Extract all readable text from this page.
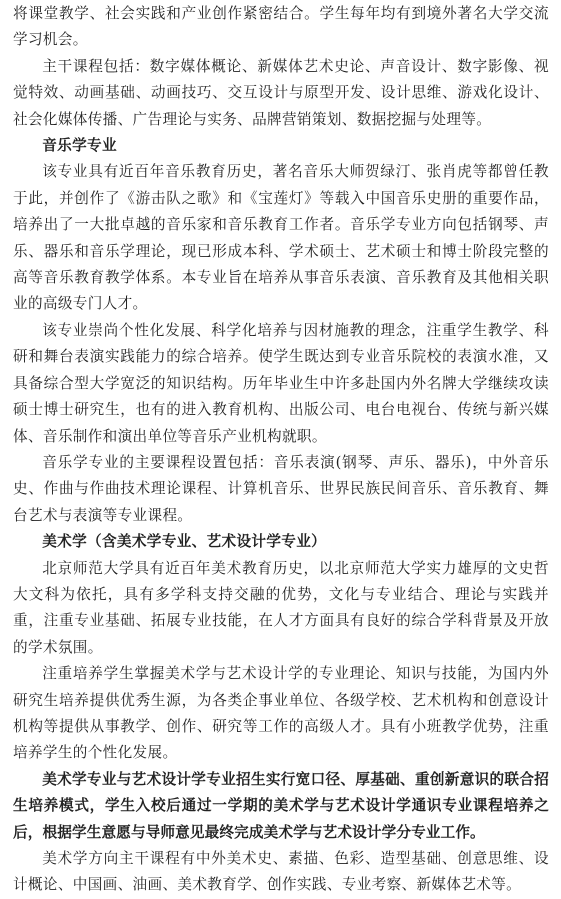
将课堂教学、社会实践和产业创作紧密结合。学生每年均有到境外著名大学交流学习机会。

主干课程包括：数字媒体概论、新媒体艺术史论、声音设计、数字影像、视觉特效、动画基础、动画技巧、交互设计与原型开发、设计思维、游戏化设计、社会化媒体传播、广告理论与实务、品牌营销策划、数据挖掘与处理等。

音乐学专业

该专业具有近百年音乐教育历史，著名音乐大师贺绿汀、张肖虎等都曾任教于此，并创作了《游击队之歌》和《宝莲灯》等载入中国音乐史册的重要作品，培养出了一大批卓越的音乐家和音乐教育工作者。音乐学专业方向包括钢琴、声乐、器乐和音乐学理论，现已形成本科、学术硕士、艺术硕士和博士阶段完整的高等音乐教育教学体系。本专业旨在培养从事音乐表演、音乐教育及其他相关职业的高级专门人才。

该专业崇尚个性化发展、科学化培养与因材施教的理念，注重学生教学、科研和舞台表演实践能力的综合培养。使学生既达到专业音乐院校的表演水准，又具备综合型大学宽泛的知识结构。历年毕业生中许多赴国内外名牌大学继续攻读硕士博士研究生，也有的进入教育机构、出版公司、电台电视台、传统与新兴媒体、音乐制作和演出单位等音乐产业机构就职。

音乐学专业的主要课程设置包括：音乐表演(钢琴、声乐、器乐)，中外音乐史、作曲与作曲技术理论课程、计算机音乐、世界民族民间音乐、音乐教育、舞台艺术与表演等专业课程。

美术学（含美术学专业、艺术设计学专业）

北京师范大学具有近百年美术教育历史，以北京师范大学实力雄厚的文史哲大文科为依托，具有多学科支持交融的优势，文化与专业结合、理论与实践并重，注重专业基础、拓展专业技能，在人才方面具有良好的综合学科背景及开放的学术氛围。

注重培养学生掌握美术学与艺术设计学的专业理论、知识与技能，为国内外研究生培养提供优秀生源，为各类企事业单位、各级学校、艺术机构和创意设计机构等提供从事教学、创作、研究等工作的高级人才。具有小班教学优势，注重培养学生的个性化发展。

美术学专业与艺术设计学专业招生实行宽口径、厚基础、重创新意识的联合招生培养模式，学生入校后通过一学期的美术学与艺术设计学通识专业课程培养之后，根据学生意愿与导师意见最终完成美术学与艺术设计学分专业工作。

美术学方向主干课程有中外美术史、素描、色彩、造型基础、创意思维、设计概论、中国画、油画、美术教育学、创作实践、专业考察、新媒体艺术等。
